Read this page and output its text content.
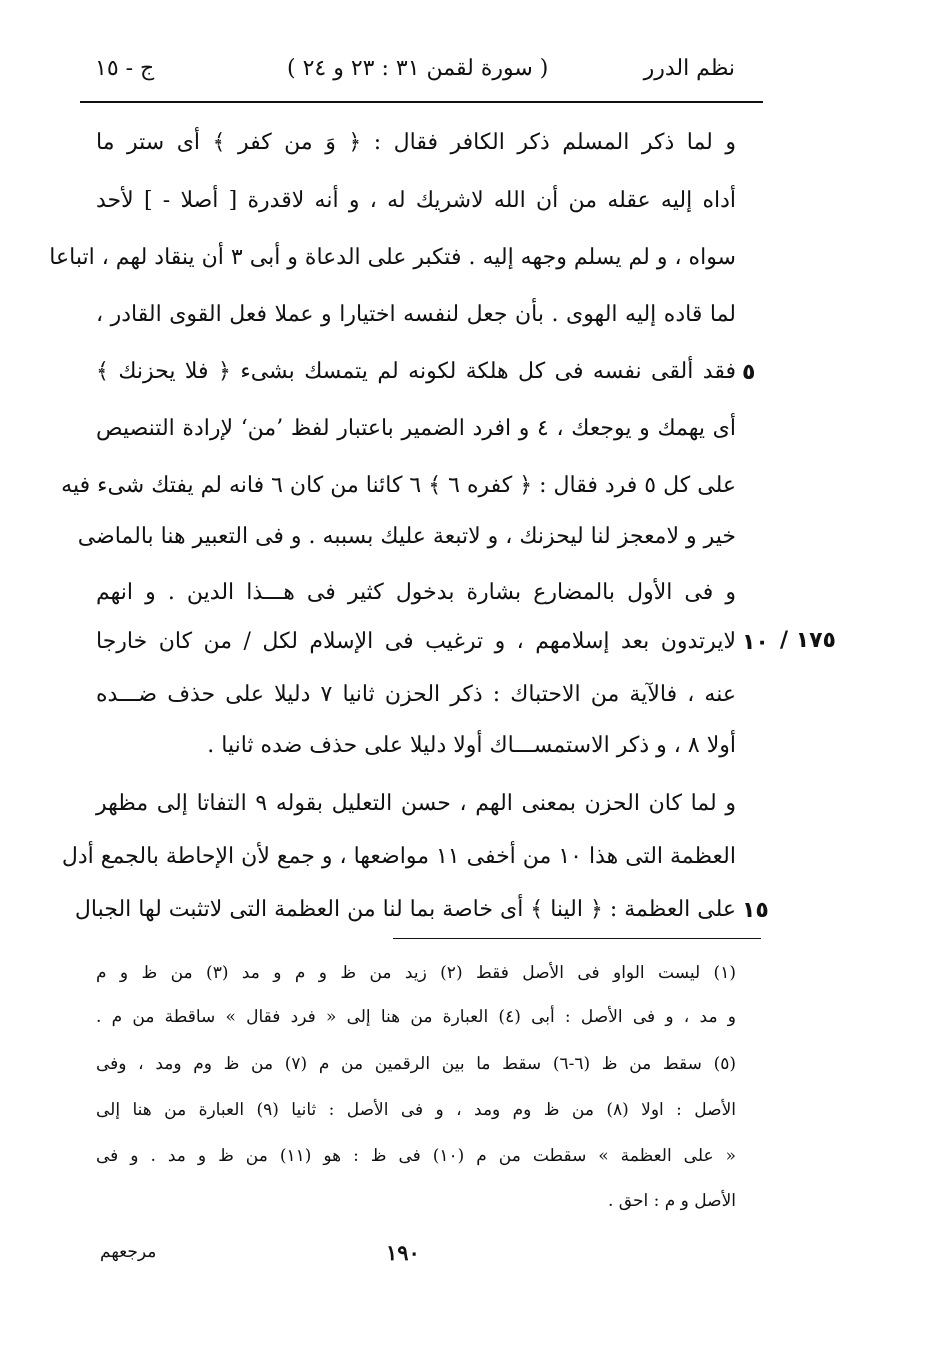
نظم الدرر
( سورة لقمن ٣١ : ٢٣ و ٢٤ )
ج - ١٥
و لما ذكر المسلم ذكر الكافر فقال : ﴿ وَ من كفر ﴾ أى ستر ما
أداه إليه عقله من أن الله لاشريك له ، و أنه لاقدرة [ أصلا - ] لأحد
سواه ، و لم يسلم وجهه إليه . فتكبر على الدعاة و أبى ٣ أن ينقاد لهم ، اتباعا
لما قاده إليه الهوى . بأن جعل لنفسه اختيارا و عملا فعل القوى القادر ،
فقد ألقى نفسه فى كل هلكة لكونه لم يتمسك بشىء ﴿ فلا يحزنك ﴾
أى يهمك و يوجعك ، ٤ و افرد الضمير باعتبار لفظ ’من‘ لإرادة التنصيص
على كل ٥ فرد فقال : ﴿ كفره ٦ ﴾ ٦ كائنا من كان ٦ فانه لم يفتك شىء فيه
خير و لامعجز لنا ليحزنك ، و لاتبعة عليك بسببه . و فى التعبير هنا بالماضى
و فى الأول بالمضارع بشارة بدخول كثير فى هـــذا الدين . و انهم
لايرتدون بعد إسلامهم ، و ترغيب فى الإسلام لكل / من كان خارجا
عنه ، فالآية من الاحتباك : ذكر الحزن ثانيا ٧ دليلا على حذف ضـــده
أولا ٨ ، و ذكر الاستمســـاك أولا دليلا على حذف ضده ثانيا .
و لما كان الحزن بمعنى الهم ، حسن التعليل بقوله ٩ التفاتا إلى مظهر
العظمة التى هذا ١٠ من أخفى ١١ مواضعها ، و جمع لأن الإحاطة بالجمع أدل
على العظمة : ﴿ الينا ﴾ أى خاصة بما لنا من العظمة التى لاتثبت لها الجبال
٥
١٠
١٥
١٧٥ /
(١) ليست الواو فى الأصل فقط (٢) زيد من ظ و م و مد (٣) من ظ و م
و مد ، و فى الأصل : أبى (٤) العبارة من هنا إلى « فرد فقال » ساقطة من م .
(٥) سقط من ظ (٦-٦) سقط ما بين الرقمين من م (٧) من ظ وم ومد ، وفى
الأصل : اولا (٨) من ظ وم ومد ، و فى الأصل : ثانيا (٩) العبارة من هنا إلى
« على العظمة » سقطت من م (١٠) فى ظ : هو (١١) من ظ و مد . و فى
الأصل و م : احق .
١٩٠
مرجعهم
